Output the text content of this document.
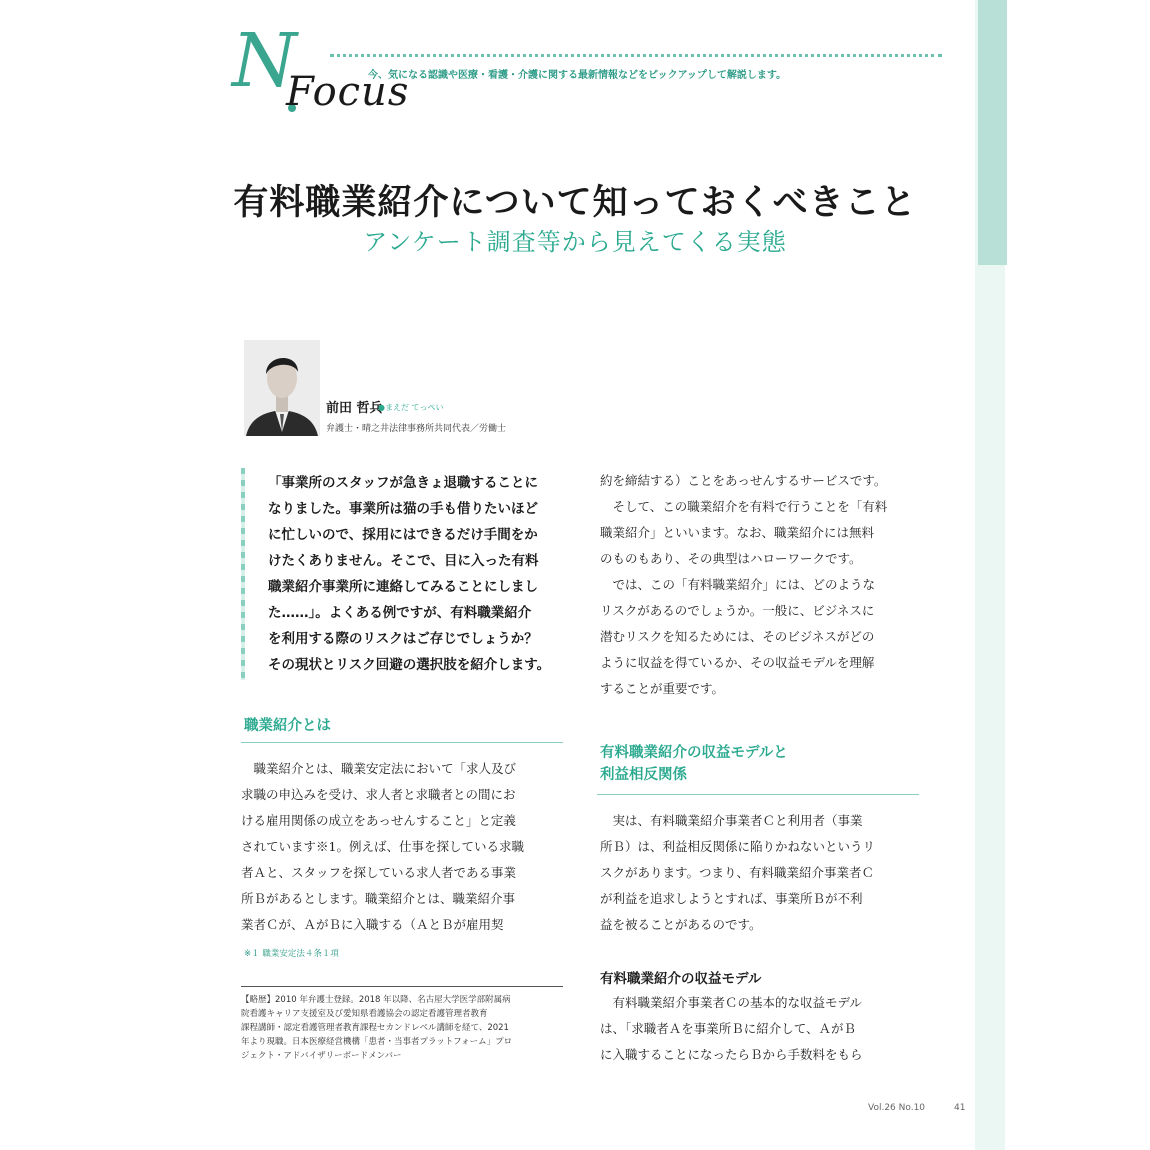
N
Focus
今、気になる認識や医療・看護・介護に関する最新情報などをピックアップして解説します。
有料職業紹介について知っておくべきこと
アンケート調査等から見えてくる実態
前田 哲兵
●まえだ てっぺい
弁護士・晴之井法律事務所共同代表／労働士

「事業所のスタッフが急きょ退職することに
なりました。事業所は猫の手も借りたいほど
に忙しいので、採用にはできるだけ手間をか
けたくありません。そこで、目に入った有料
職業紹介事業所に連絡してみることにしまし
た……」。よくある例ですが、有料職業紹介
を利用する際のリスクはご存じでしょうか？
その現状とリスク回避の選択肢を紹介します。

職業紹介とは

　職業紹介とは、職業安定法において「求人及び
求職の申込みを受け、求人者と求職者との間にお
ける雇用関係の成立をあっせんすること」と定義
されています※1。例えば、仕事を探している求職
者Ａと、スタッフを探している求人者である事業
所Ｂがあるとします。職業紹介とは、職業紹介事
業者Ｃが、ＡがＢに入職する（ＡとＢが雇用契

※１ 職業安定法４条１項

【略歴】2010 年弁護士登録。2018 年以降、名古屋大学医学部附属病
院看護キャリア支援室及び愛知県看護協会の認定看護管理者教育
課程講師・認定看護管理者教育課程セカンドレベル講師を経て、2021
年より現職。日本医療経営機構「患者・当事者プラットフォーム」プロ
ジェクト・アドバイザリーボードメンバー

約を締結する）ことをあっせんするサービスです。
　そして、この職業紹介を有料で行うことを「有料
職業紹介」といいます。なお、職業紹介には無料
のものもあり、その典型はハローワークです。
　では、この「有料職業紹介」には、どのような
リスクがあるのでしょうか。一般に、ビジネスに
潜むリスクを知るためには、そのビジネスがどの
ように収益を得ているか、その収益モデルを理解
することが重要です。

有料職業紹介の収益モデルと
利益相反関係

　実は、有料職業紹介事業者Ｃと利用者（事業
所Ｂ）は、利益相反関係に陥りかねないというリ
スクがあります。つまり、有料職業紹介事業者Ｃ
が利益を追求しようとすれば、事業所Ｂが不利
益を被ることがあるのです。

有料職業紹介の収益モデル

　有料職業紹介事業者Ｃの基本的な収益モデル
は、「求職者Ａを事業所Ｂに紹介して、ＡがＢ
に入職することになったらＢから手数料をもら

Vol.26 No.10	41
